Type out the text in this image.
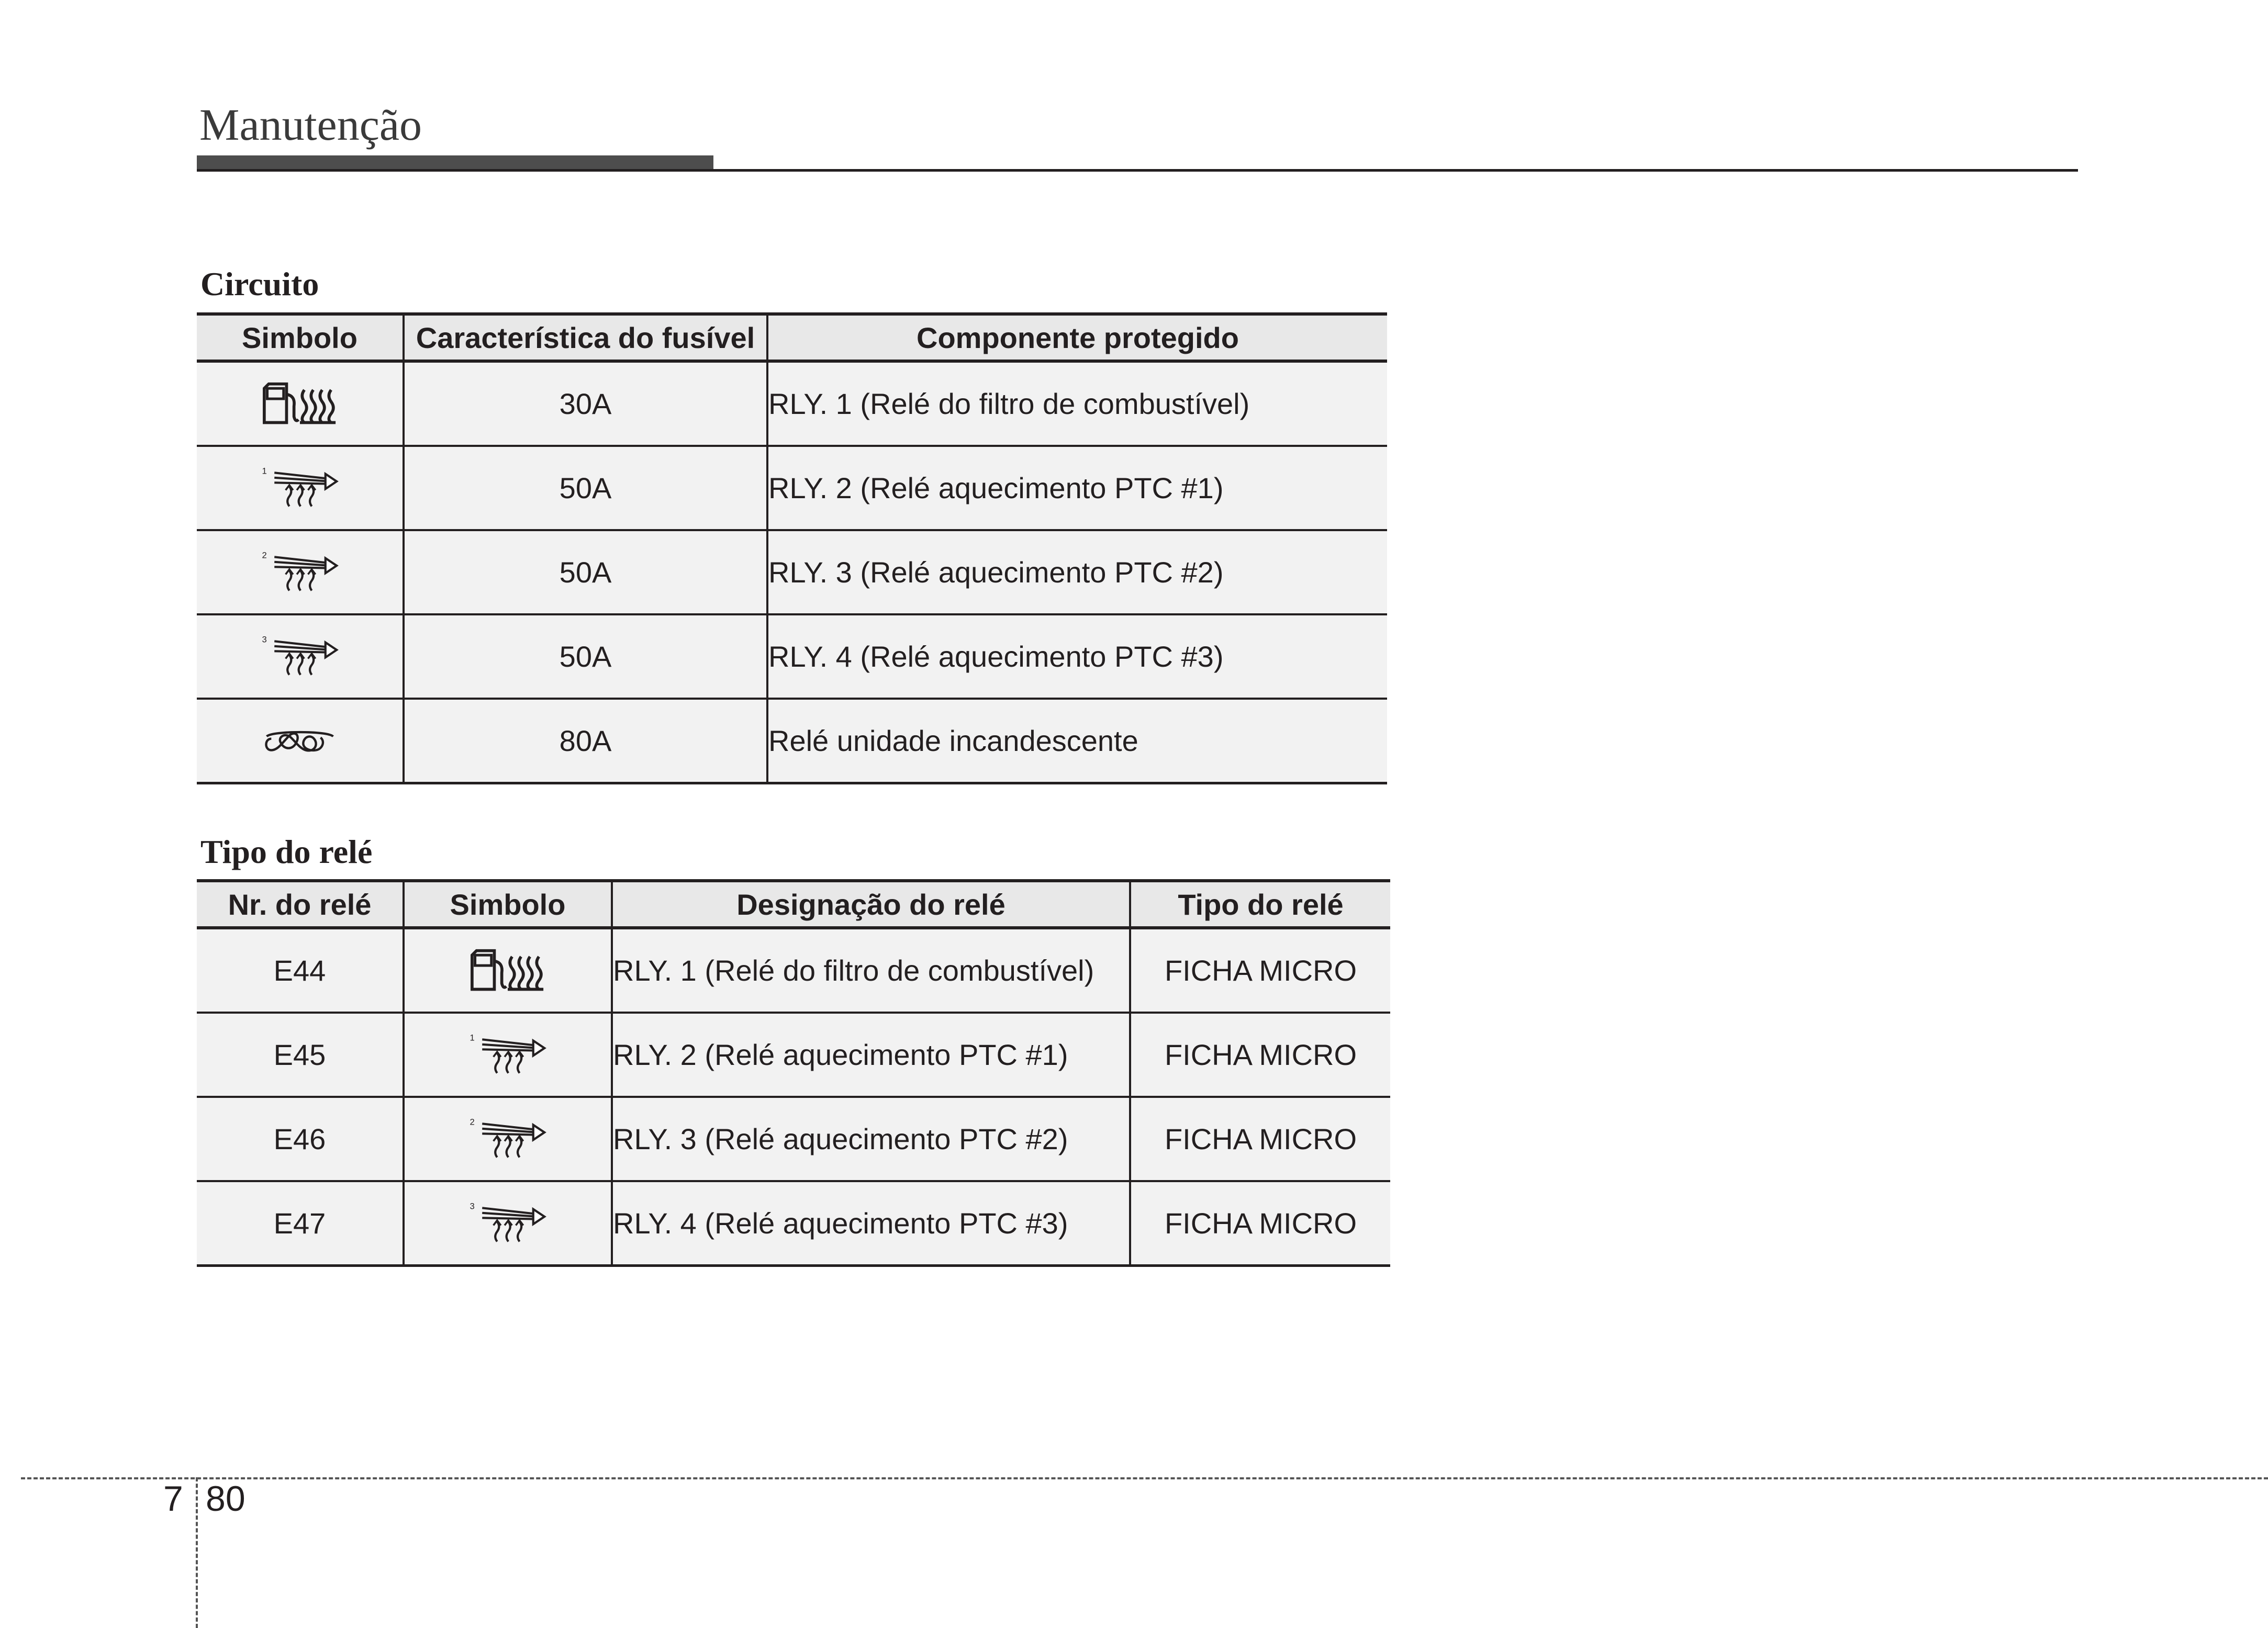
Manutenção
Circuito
Simbolo	Característica do fusível	Componente protegido
	30A	RLY. 1 (Relé do filtro de combustível)

1	50A	RLY. 2 (Relé aquecimento PTC #1)

2	50A	RLY. 3 (Relé aquecimento PTC #2)

3	50A	RLY. 4 (Relé aquecimento PTC #3)
	80A	Relé unidade incandescente
Tipo do relé
Nr. do relé	Simbolo	Designação do relé	Tipo do relé
E44		RLY. 1 (Relé do filtro de combustível)	FICHA MICRO
E45	1	RLY. 2 (Relé aquecimento PTC #1)	FICHA MICRO
E46	2	RLY. 3 (Relé aquecimento PTC #2)	FICHA MICRO
E47	3	RLY. 4 (Relé aquecimento PTC #3)	FICHA MICRO
7 80
